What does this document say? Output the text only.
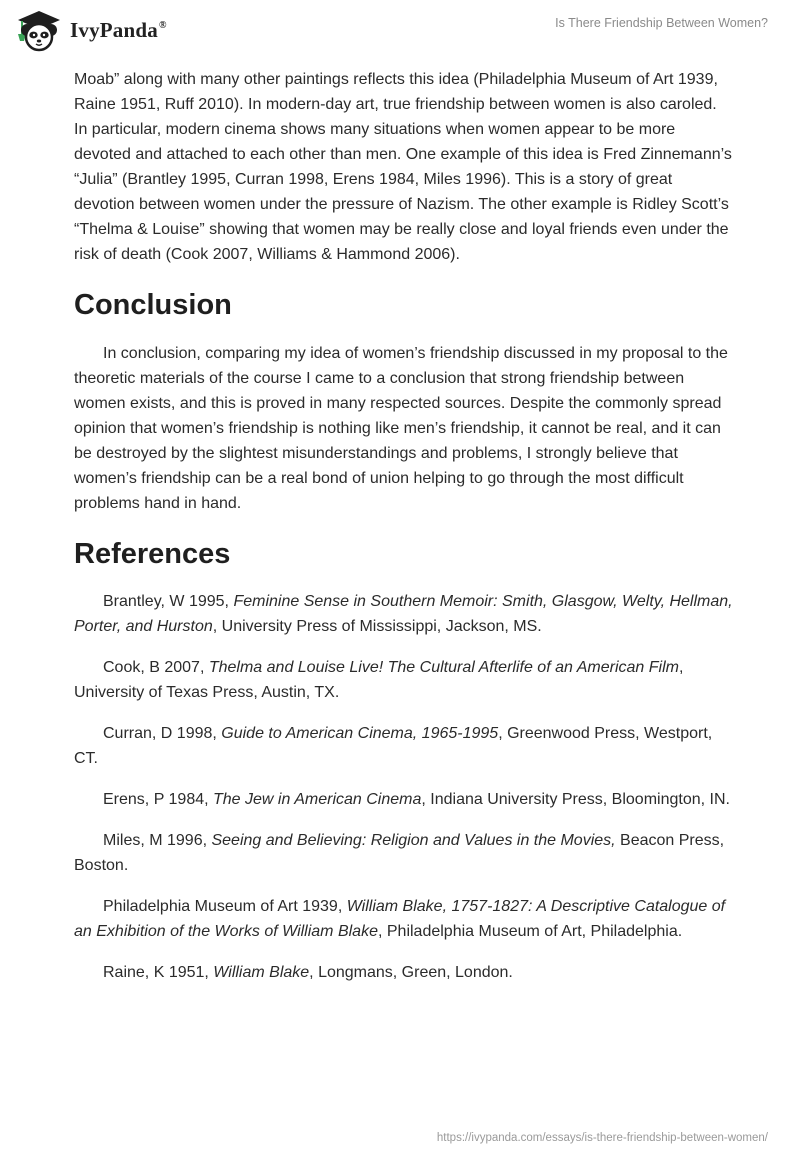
IvyPanda®	Is There Friendship Between Women?

Moab” along with many other paintings reflects this idea (Philadelphia Museum of Art 1939, Raine 1951, Ruff 2010). In modern-day art, true friendship between women is also caroled. In particular, modern cinema shows many situations when women appear to be more devoted and attached to each other than men. One example of this idea is Fred Zinnemann’s “Julia” (Brantley 1995, Curran 1998, Erens 1984, Miles 1996). This is a story of great devotion between women under the pressure of Nazism. The other example is Ridley Scott’s “Thelma & Louise” showing that women may be really close and loyal friends even under the risk of death (Cook 2007, Williams & Hammond 2006).

Conclusion

In conclusion, comparing my idea of women’s friendship discussed in my proposal to the theoretic materials of the course I came to a conclusion that strong friendship between women exists, and this is proved in many respected sources. Despite the commonly spread opinion that women’s friendship is nothing like men’s friendship, it cannot be real, and it can be destroyed by the slightest misunderstandings and problems, I strongly believe that women’s friendship can be a real bond of union helping to go through the most difficult problems hand in hand.

References

Brantley, W 1995, Feminine Sense in Southern Memoir: Smith, Glasgow, Welty, Hellman, Porter, and Hurston, University Press of Mississippi, Jackson, MS.

Cook, B 2007, Thelma and Louise Live! The Cultural Afterlife of an American Film, University of Texas Press, Austin, TX.

Curran, D 1998, Guide to American Cinema, 1965-1995, Greenwood Press, Westport, CT.

Erens, P 1984, The Jew in American Cinema, Indiana University Press, Bloomington, IN.

Miles, M 1996, Seeing and Believing: Religion and Values in the Movies, Beacon Press, Boston.

Philadelphia Museum of Art 1939, William Blake, 1757-1827: A Descriptive Catalogue of an Exhibition of the Works of William Blake, Philadelphia Museum of Art, Philadelphia.

Raine, K 1951, William Blake, Longmans, Green, London.

https://ivypanda.com/essays/is-there-friendship-between-women/
